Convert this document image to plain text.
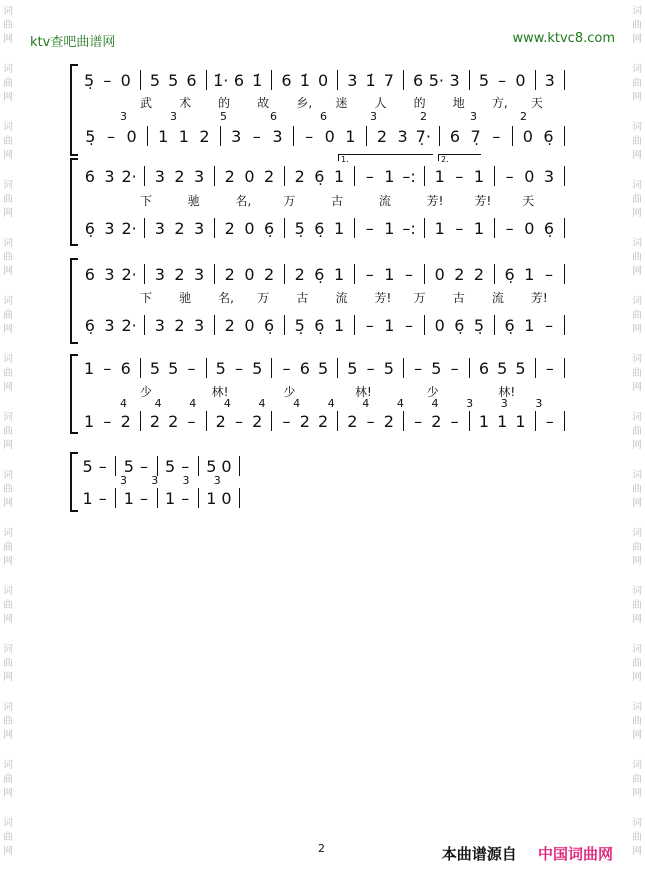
ktv查吧曲谱网	www.ktvc8.com
词
曲
网
词
曲
网
词
曲
网
词
曲
网
词
曲
网
词
曲
网
词
曲
网
词
曲
网
词
曲
网
词
曲
网
词
曲
网
词
曲
网
词
曲
网
词
曲
网
词
曲
网
词
曲
网
词
曲
网
词
曲
网
词
曲
网
词
曲
网
词
曲
网
词
曲
网
词
曲
网
词
曲
网
词
曲
网
词
曲
网
词
曲
网
词
曲
网
词
曲
网
词
曲
网
5̣ – 0 5 5 6 1̇· 6 1̇ 6 1̇ 0 3 1̇ 7 6 5· 3 5 – 0 3
武 术 的 故 乡, 迷 人 的 地 方, 天
3	3	5	6	6	3	2	3	2
5̣ – 0	1 1 2	3 – 3	– 0 1	2 3 7̣·	6 7̣ –	0 6̣
1.	2.
6 3 2· 3 2 3 2 0 2 2 6̣ 1	– 1 –: 1 – 1	– 0 3
下	驰	名,	万	古	流	芳!	芳!	天
6̣ 3 2· 3 2 3 2 0 6̣ 5̣ 6̣ 1	– 1 –: 1 – 1	– 0 6̣
6 3 2· 3 2 3 2 0 2 2 6̣ 1	– 1 –	0 2 2 6̣ 1 –
下 驰 名, 万 古 流 芳! 万 古 流 芳!
6̣ 3 2· 3 2 3 2 0 6̣ 5̣ 6̣ 1	– 1 –	0 6̣ 5̣ 6̣ 1 –
1 – 6 5 5 –	5 – 5	– 6 5 5 – 5	– 5 –	6 5 5	–
少	林!	少	林!	少	林!
4	4	4	4	4	4	4	4	4	4	3	3	3
1 – 2 2 2 –	2 – 2	– 2 2 2 – 2	– 2 –	1 1 1	–
5 – 5 – 5 – 5 0
3 3 3 3
1 – 1 – 1 – 1 0
2	本曲谱源自 中国词曲网
